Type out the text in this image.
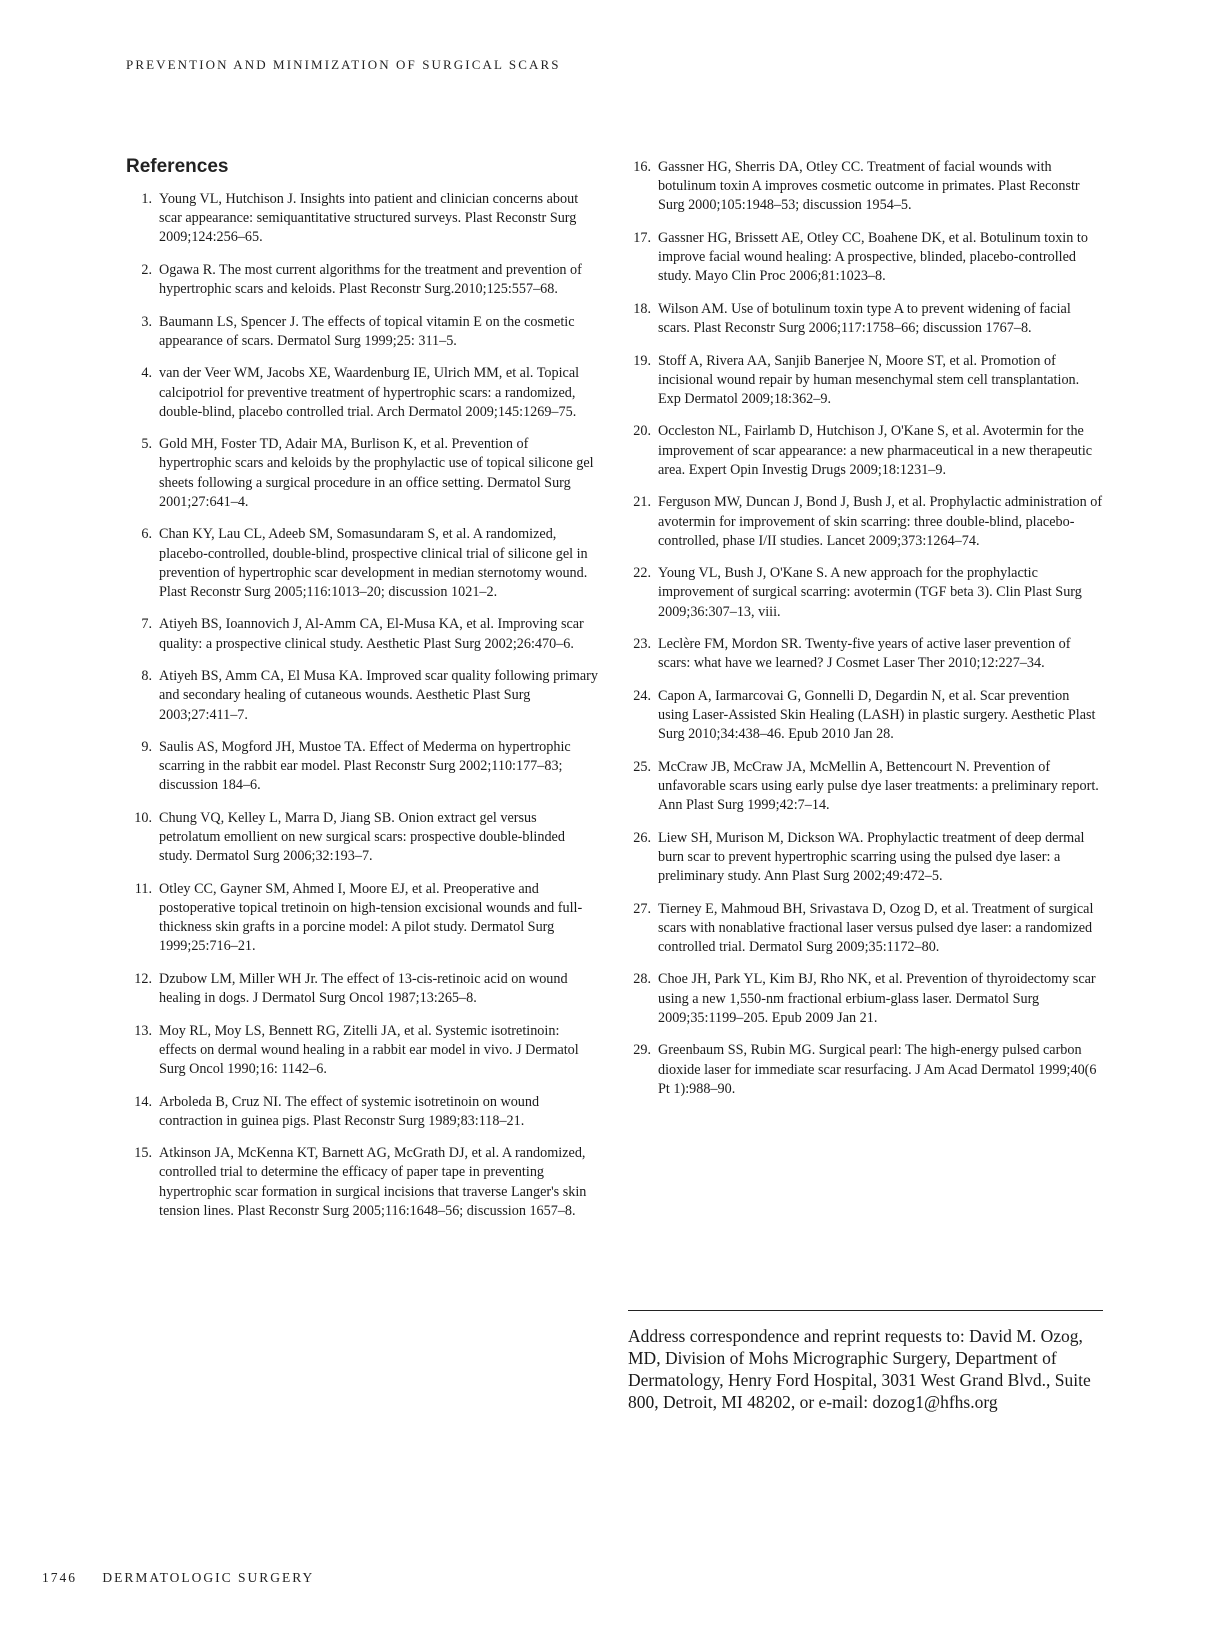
PREVENTION AND MINIMIZATION OF SURGICAL SCARS
References
1. Young VL, Hutchison J. Insights into patient and clinician concerns about scar appearance: semiquantitative structured surveys. Plast Reconstr Surg 2009;124:256–65.
2. Ogawa R. The most current algorithms for the treatment and prevention of hypertrophic scars and keloids. Plast Reconstr Surg.2010;125:557–68.
3. Baumann LS, Spencer J. The effects of topical vitamin E on the cosmetic appearance of scars. Dermatol Surg 1999;25: 311–5.
4. van der Veer WM, Jacobs XE, Waardenburg IE, Ulrich MM, et al. Topical calcipotriol for preventive treatment of hypertrophic scars: a randomized, double-blind, placebo controlled trial. Arch Dermatol 2009;145:1269–75.
5. Gold MH, Foster TD, Adair MA, Burlison K, et al. Prevention of hypertrophic scars and keloids by the prophylactic use of topical silicone gel sheets following a surgical procedure in an office setting. Dermatol Surg 2001;27:641–4.
6. Chan KY, Lau CL, Adeeb SM, Somasundaram S, et al. A randomized, placebo-controlled, double-blind, prospective clinical trial of silicone gel in prevention of hypertrophic scar development in median sternotomy wound. Plast Reconstr Surg 2005;116:1013–20; discussion 1021–2.
7. Atiyeh BS, Ioannovich J, Al-Amm CA, El-Musa KA, et al. Improving scar quality: a prospective clinical study. Aesthetic Plast Surg 2002;26:470–6.
8. Atiyeh BS, Amm CA, El Musa KA. Improved scar quality following primary and secondary healing of cutaneous wounds. Aesthetic Plast Surg 2003;27:411–7.
9. Saulis AS, Mogford JH, Mustoe TA. Effect of Mederma on hypertrophic scarring in the rabbit ear model. Plast Reconstr Surg 2002;110:177–83; discussion 184–6.
10. Chung VQ, Kelley L, Marra D, Jiang SB. Onion extract gel versus petrolatum emollient on new surgical scars: prospective double-blinded study. Dermatol Surg 2006;32:193–7.
11. Otley CC, Gayner SM, Ahmed I, Moore EJ, et al. Preoperative and postoperative topical tretinoin on high-tension excisional wounds and full-thickness skin grafts in a porcine model: A pilot study. Dermatol Surg 1999;25:716–21.
12. Dzubow LM, Miller WH Jr. The effect of 13-cis-retinoic acid on wound healing in dogs. J Dermatol Surg Oncol 1987;13:265–8.
13. Moy RL, Moy LS, Bennett RG, Zitelli JA, et al. Systemic isotretinoin: effects on dermal wound healing in a rabbit ear model in vivo. J Dermatol Surg Oncol 1990;16: 1142–6.
14. Arboleda B, Cruz NI. The effect of systemic isotretinoin on wound contraction in guinea pigs. Plast Reconstr Surg 1989;83:118–21.
15. Atkinson JA, McKenna KT, Barnett AG, McGrath DJ, et al. A randomized, controlled trial to determine the efficacy of paper tape in preventing hypertrophic scar formation in surgical incisions that traverse Langer's skin tension lines. Plast Reconstr Surg 2005;116:1648–56; discussion 1657–8.
16. Gassner HG, Sherris DA, Otley CC. Treatment of facial wounds with botulinum toxin A improves cosmetic outcome in primates. Plast Reconstr Surg 2000;105:1948–53; discussion 1954–5.
17. Gassner HG, Brissett AE, Otley CC, Boahene DK, et al. Botulinum toxin to improve facial wound healing: A prospective, blinded, placebo-controlled study. Mayo Clin Proc 2006;81:1023–8.
18. Wilson AM. Use of botulinum toxin type A to prevent widening of facial scars. Plast Reconstr Surg 2006;117:1758–66; discussion 1767–8.
19. Stoff A, Rivera AA, Sanjib Banerjee N, Moore ST, et al. Promotion of incisional wound repair by human mesenchymal stem cell transplantation. Exp Dermatol 2009;18:362–9.
20. Occleston NL, Fairlamb D, Hutchison J, O'Kane S, et al. Avotermin for the improvement of scar appearance: a new pharmaceutical in a new therapeutic area. Expert Opin Investig Drugs 2009;18:1231–9.
21. Ferguson MW, Duncan J, Bond J, Bush J, et al. Prophylactic administration of avotermin for improvement of skin scarring: three double-blind, placebo-controlled, phase I/II studies. Lancet 2009;373:1264–74.
22. Young VL, Bush J, O'Kane S. A new approach for the prophylactic improvement of surgical scarring: avotermin (TGF beta 3). Clin Plast Surg 2009;36:307–13, viii.
23. Leclère FM, Mordon SR. Twenty-five years of active laser prevention of scars: what have we learned? J Cosmet Laser Ther 2010;12:227–34.
24. Capon A, Iarmarcovai G, Gonnelli D, Degardin N, et al. Scar prevention using Laser-Assisted Skin Healing (LASH) in plastic surgery. Aesthetic Plast Surg 2010;34:438–46. Epub 2010 Jan 28.
25. McCraw JB, McCraw JA, McMellin A, Bettencourt N. Prevention of unfavorable scars using early pulse dye laser treatments: a preliminary report. Ann Plast Surg 1999;42:7–14.
26. Liew SH, Murison M, Dickson WA. Prophylactic treatment of deep dermal burn scar to prevent hypertrophic scarring using the pulsed dye laser: a preliminary study. Ann Plast Surg 2002;49:472–5.
27. Tierney E, Mahmoud BH, Srivastava D, Ozog D, et al. Treatment of surgical scars with nonablative fractional laser versus pulsed dye laser: a randomized controlled trial. Dermatol Surg 2009;35:1172–80.
28. Choe JH, Park YL, Kim BJ, Rho NK, et al. Prevention of thyroidectomy scar using a new 1,550-nm fractional erbium-glass laser. Dermatol Surg 2009;35:1199–205. Epub 2009 Jan 21.
29. Greenbaum SS, Rubin MG. Surgical pearl: The high-energy pulsed carbon dioxide laser for immediate scar resurfacing. J Am Acad Dermatol 1999;40(6 Pt 1):988–90.
Address correspondence and reprint requests to: David M. Ozog, MD, Division of Mohs Micrographic Surgery, Department of Dermatology, Henry Ford Hospital, 3031 West Grand Blvd., Suite 800, Detroit, MI 48202, or e-mail: dozog1@hfhs.org
1746 DERMATOLOGIC SURGERY
